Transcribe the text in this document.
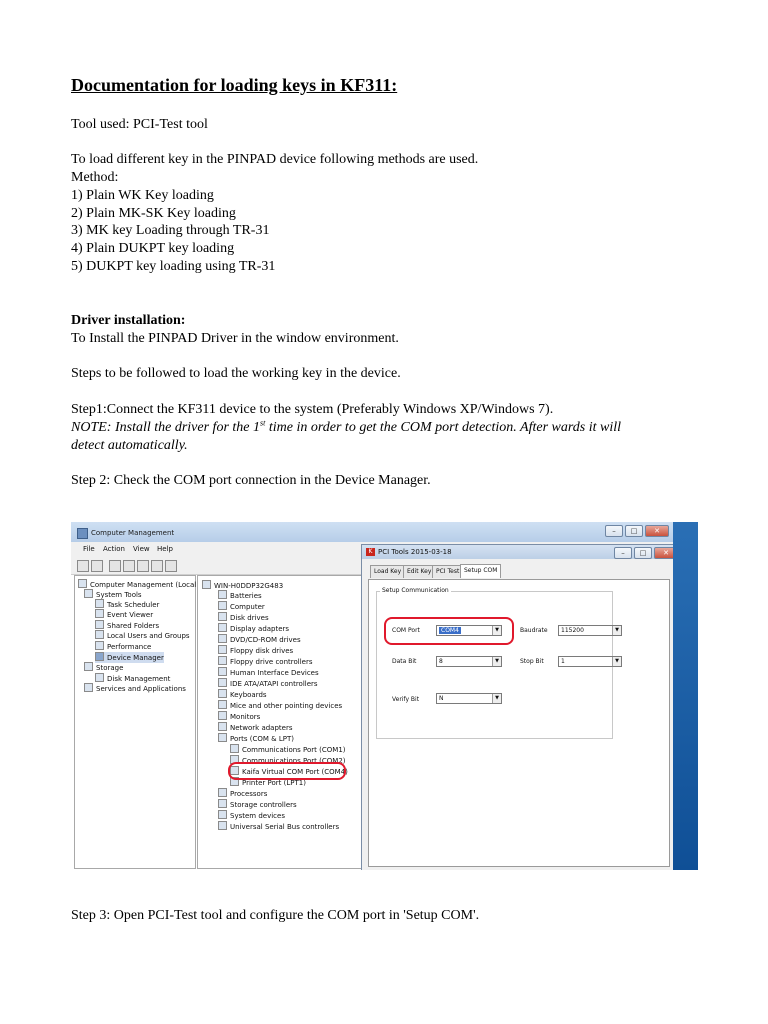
Documentation for loading keys in KF311:
Tool used: PCI-Test tool
To load different key in the PINPAD device following methods are used.
Method:
1) Plain WK Key loading
2) Plain MK-SK Key loading
3) MK key Loading through TR-31
4) Plain DUKPT key loading
5) DUKPT key loading using TR-31
Driver installation:
To Install the PINPAD Driver in the window environment.
Steps to be followed to load the working key in the device.
Step1:Connect the KF311 device to the system (Preferably Windows XP/Windows 7).
NOTE: Install the driver for the 1st time in order to get the COM port detection. After wards it will
detect automatically.
Step 2: Check the COM port connection in the Device Manager.
Computer Management	–	□	✕
File Action View Help
Computer Management (Local
System Tools
Task Scheduler
Event Viewer
Shared Folders
Local Users and Groups
Performance
Device Manager
Storage
Disk Management
Services and Applications
WIN-H0DDP32G483
Batteries
Computer
Disk drives
Display adapters
DVD/CD-ROM drives
Floppy disk drives
Floppy drive controllers
Human Interface Devices
IDE ATA/ATAPI controllers
Keyboards
Mice and other pointing devices
Monitors
Network adapters
Ports (COM & LPT)
Communications Port (COM1)
Communications Port (COM2)
Kaifa Virtual COM Port (COM4)
Printer Port (LPT1)
Processors
Storage controllers
System devices
Universal Serial Bus controllers
K PCI Tools 2015-03-18	–	□	✕
Load Key Edit Key PCI Test Setup COM
Setup Communication
COM Port	COM4	▼	Baudrate	115200	▼
Data Bit	8	▼	Stop Bit	1	▼
Verify Bit	N	▼
Step 3: Open PCI-Test tool and configure the COM port in 'Setup COM'.
